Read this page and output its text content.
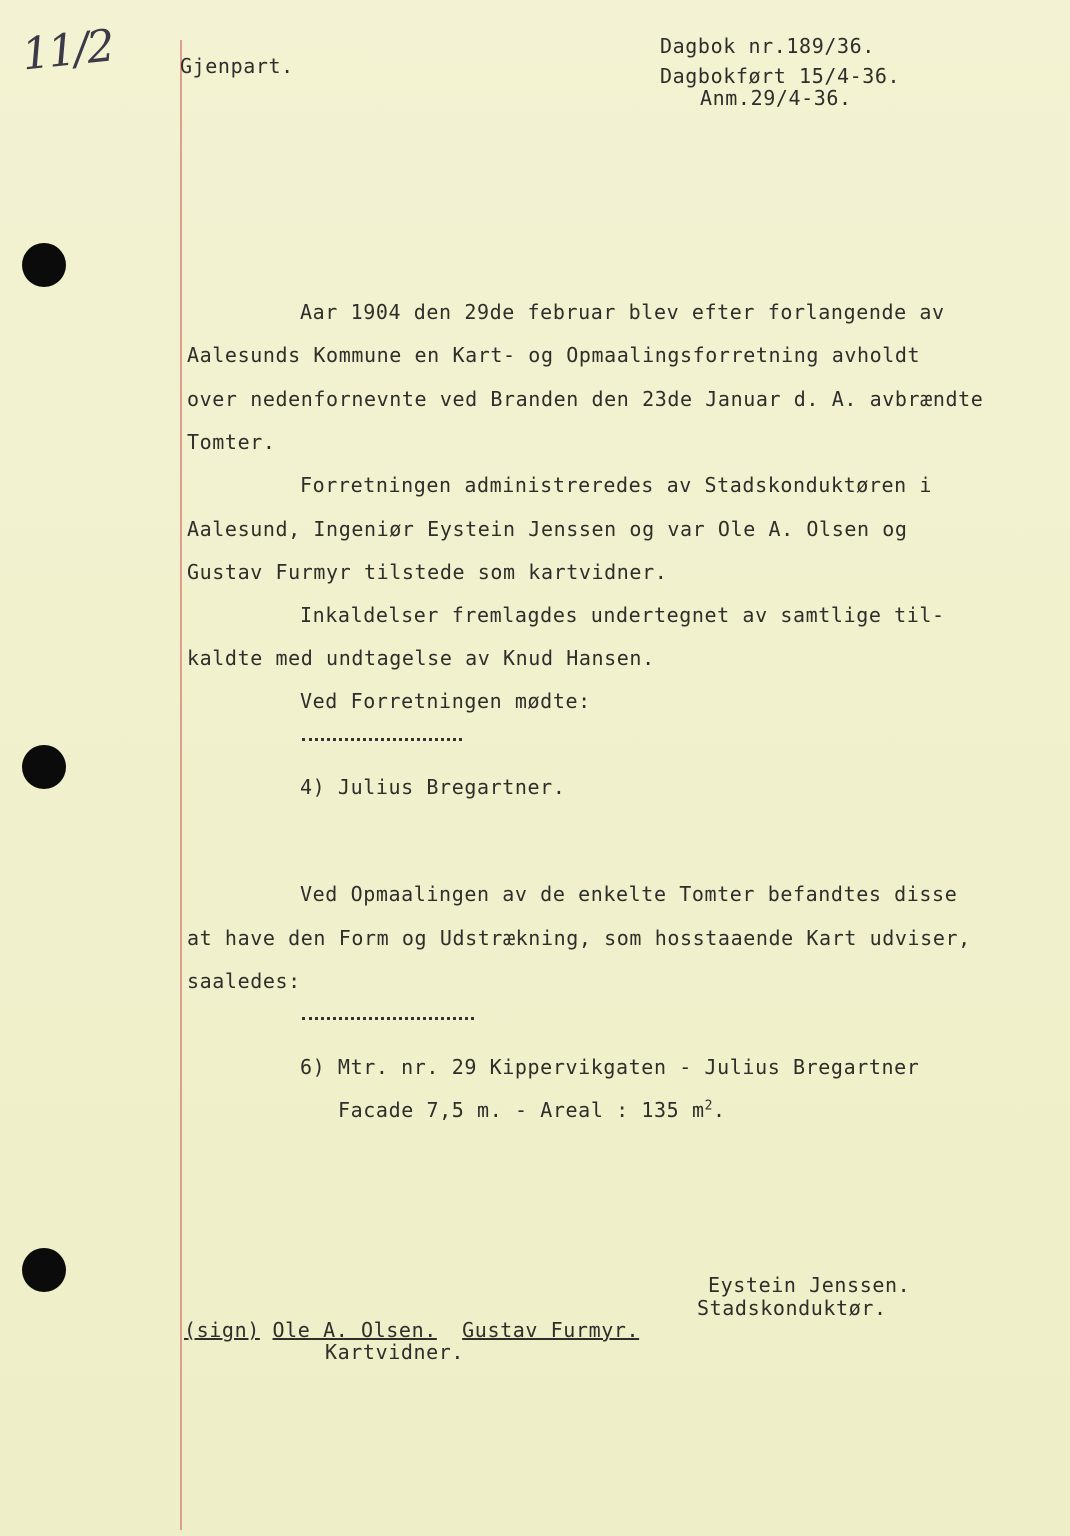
11/2	Gjenpart.
Dagbok nr.189/36.
Dagbokført 15/4-36.
Anm.29/4-36.
Aar 1904 den 29de februar blev efter forlangende av
Aalesunds Kommune en Kart- og Opmaalingsforretning avholdt
over nedenfornevnte ved Branden den 23de Januar d. A. avbrændte
Tomter.
Forretningen administreredes av Stadskonduktøren i
Aalesund, Ingeniør Eystein Jenssen og var Ole A. Olsen og
Gustav Furmyr tilstede som kartvidner.
Inkaldelser fremlagdes undertegnet av samtlige til-
kaldte med undtagelse av Knud Hansen.
Ved Forretningen mødte:
4) Julius Bregartner.
Ved Opmaalingen av de enkelte Tomter befandtes disse
at have den Form og Udstrækning, som hosstaaende Kart udviser,
saaledes:
6) Mtr. nr. 29 Kippervikgaten - Julius Bregartner
Facade 7,5 m. - Areal : 135 $m^2$.
Eystein Jenssen.
Stadskonduktør.
(sign) Ole A. Olsen. Gustav Furmyr.
Kartvidner.
